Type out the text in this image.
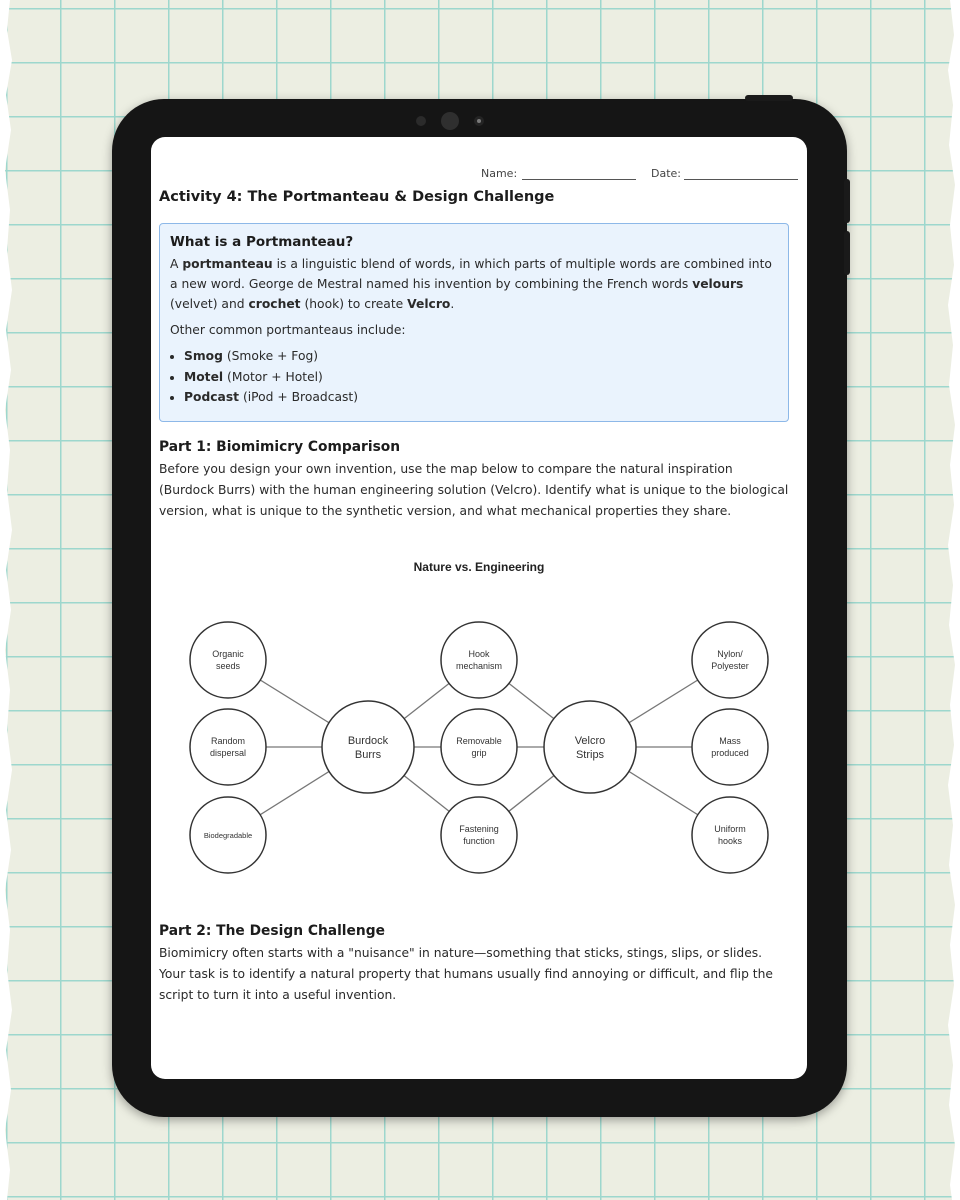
Name:	Date:
Activity 4: The Portmanteau & Design Challenge

What is a Portmanteau?

A portmanteau is a linguistic blend of words, in which parts of multiple words are combined into a new word. George de Mestral named his invention by combining the French words velours (velvet) and crochet (hook) to create Velcro.

Other common portmanteaus include:

• Smog (Smoke + Fog)
• Motel (Motor + Hotel)
• Podcast (iPod + Broadcast)
Part 1: Biomimicry Comparison

Before you design your own invention, use the map below to compare the natural inspiration (Burdock Burrs) with the human engineering solution (Velcro). Identify what is unique to the biological version, what is unique to the synthetic version, and what mechanical properties they share.

Nature vs. Engineering
Organic
seeds
Random
dispersal
Biodegradable
Burdock
Burrs
Hook
mechanism
Removable
grip
Fastening
function
Velcro
Strips
Nylon/
Polyester
Mass
produced
Uniform
hooks
Part 2: The Design Challenge

Biomimicry often starts with a "nuisance" in nature—something that sticks, stings, slips, or slides. Your task is to identify a natural property that humans usually find annoying or difficult, and flip the script to turn it into a useful invention.
